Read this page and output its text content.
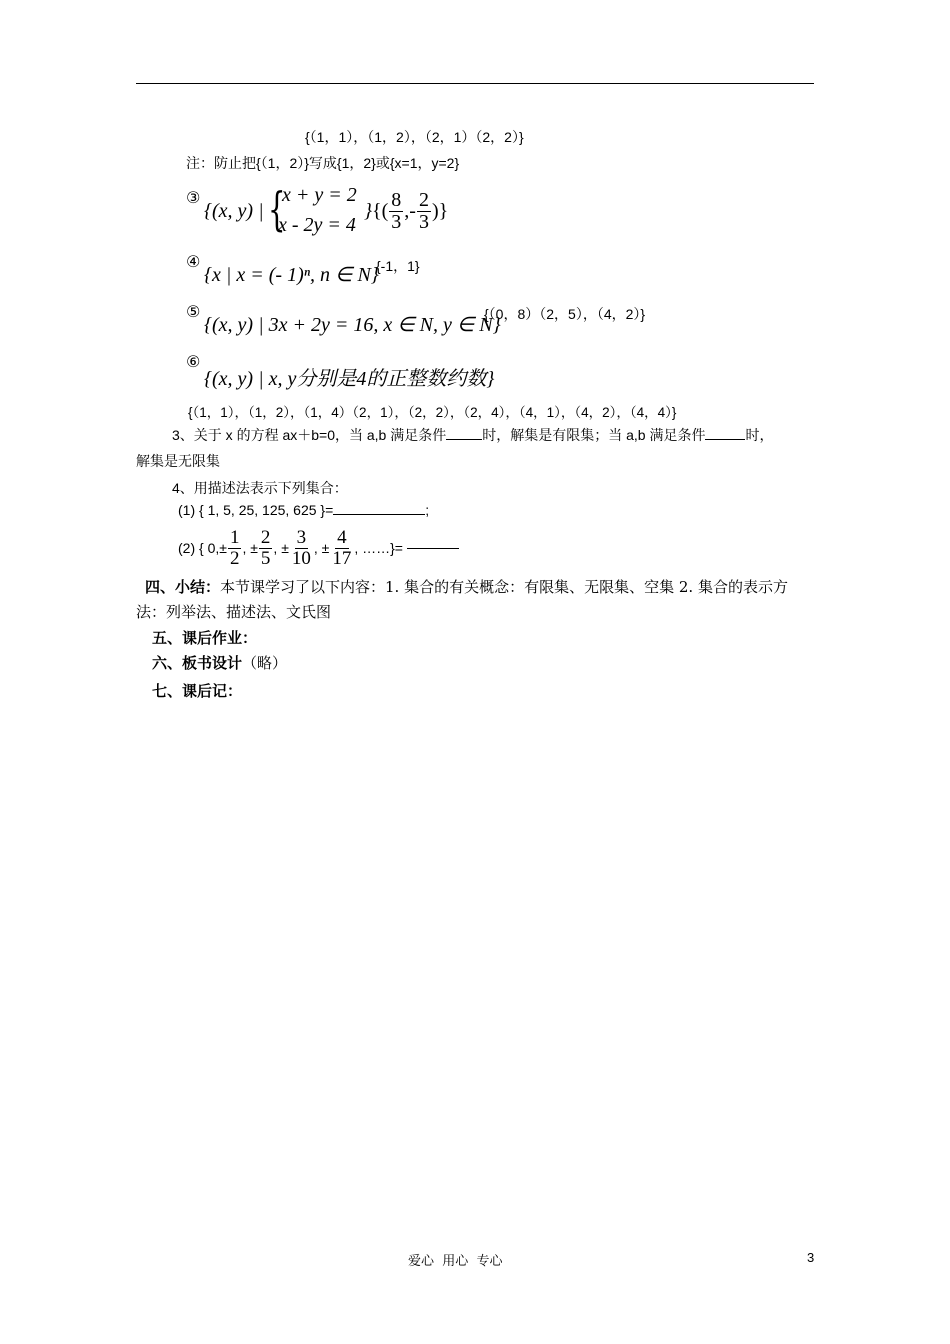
{（1，1），（1，2），（2，1）（2，2）}
注：防止把{（1，2）}写成{1，2}或{x=1，y=2}
③
{(x, y) | {
x + y = 2
x - 2y = 4
} {( $\frac{8}{3}$ ,- $\frac{2}{3}$ )}
④
{x | x = (- 1)ⁿ, n ∈ N}
{-1，1}
⑤
{(x, y) | 3x + 2y = 16, x ∈ N, y ∈ N}
{（0，8）（2，5），（4，2）}
⑥
{(x, y) | x, y分别是4的正整数约数}
{（1，1），（1，2），（1，4）（2，1），（2，2），（2，4），（4，1），（4，2），（4，4）}
3、关于 x 的方程 ax＋b=0，当 a,b 满足条件	时，解集是有限集；当 a,b 满足条件	时，
解集是无限集
4、用描述法表示下列集合：
(1) { 1, 5, 25, 125, 625 }=	;
(2) { $0,\pm \frac{1}{2}$ ,
± $\frac{2}{5}$ ,
± $\frac{3}{10}$ ,
± $\frac{4}{17}$ , ……}=

四、小结：本节课学习了以下内容：1. 集合的有关概念：有限集、无限集、空集 2. 集合的表示方
法：列举法、描述法、文氏图
五、课后作业：
六、板书设计（略）
七、课后记：
爱心  用心  专心	3
